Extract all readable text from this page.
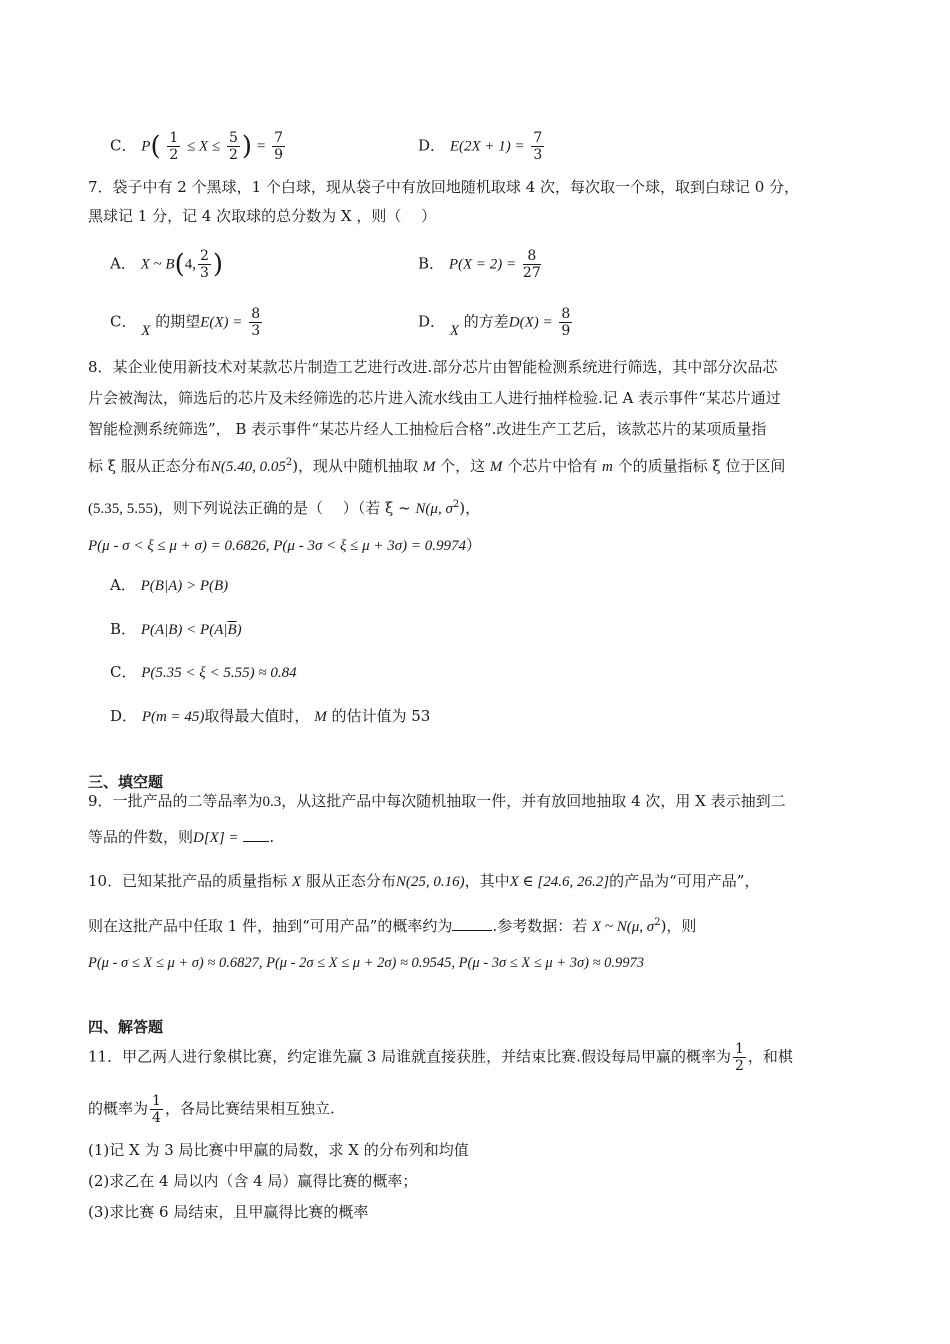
C． $P( \frac{1}{2} \le X \le \frac{5}{2}$ ) = $\frac{7}{9}$	D． $E(2X + 1) = \frac{7}{3}$
7．袋子中有 2 个黑球，1 个白球，现从袋子中有放回地随机取球 4 次，每次取一个球，取到白球记 0 分，
黑球记 1 分，记 4 次取球的总分数为 X ，则（　 ）
A． X ~ B(4, $\frac{2}{3}$ )	B． $P(X = 2) = \frac{8}{27}$
C． X 的期望$E(X) = \frac{8}{3}$	D． X 的方差$D(X) = \frac{8}{9}$
8．某企业使用新技术对某款芯片制造工艺进行改进.部分芯片由智能检测系统进行筛选，其中部分次品芯
片会被淘汰，筛选后的芯片及未经筛选的芯片进入流水线由工人进行抽样检验.记 A 表示事件“某芯片通过
智能检测系统筛选”， B 表示事件“某芯片经人工抽检后合格”.改进生产工艺后，该款芯片的某项质量指
标 ξ 服从正态分布N(5.40, 0.05$^2$)，现从中随机抽取 M 个，这 M 个芯片中恰有 m 个的质量指标 ξ 位于区间
(5.35, 5.55)，则下列说法正确的是（　 ）（若 ξ ~ N(μ, $\sigma^2$)，
P(μ - σ < ξ ≤ μ + σ) = 0.6826, P(μ - 3σ < ξ ≤ μ + 3σ) = 0.9974）
A． P(B|A) > P(B)
B． $P(A|B) < P(A|\overline{B})$
C． P(5.35 < ξ < 5.55) ≈ 0.84
D． P(m = 45)取得最大值时， M 的估计值为 53
三、填空题
9．一批产品的二等品率为0.3，从这批产品中每次随机抽取一件，并有放回地抽取 4 次，用 X 表示抽到二
等品的件数，则D[X] = .
10．已知某批产品的质量指标 X 服从正态分布N(25, 0.16)，其中X ∈ [24.6, 26.2]的产品为“可用产品”，
则在这批产品中任取 1 件，抽到“可用产品”的概率约为	.参考数据：若 X ~ N(μ, $\sigma^2$)，则
P(μ - σ ≤ X ≤ μ + σ) ≈ 0.6827, P(μ - 2σ ≤ X ≤ μ + 2σ) ≈ 0.9545, P(μ - 3σ ≤ X ≤ μ + 3σ) ≈ 0.9973
四、解答题
11．甲乙两人进行象棋比赛，约定谁先赢 3 局谁就直接获胜，并结束比赛.假设每局甲赢的概率为 $\frac{1}{2}$ ，和棋
的概率为 $\frac{1}{4}$ ，各局比赛结果相互独立.
(1)记 X 为 3 局比赛中甲赢的局数，求 X 的分布列和均值
(2)求乙在 4 局以内（含 4 局）赢得比赛的概率；
(3)求比赛 6 局结束，且甲赢得比赛的概率
